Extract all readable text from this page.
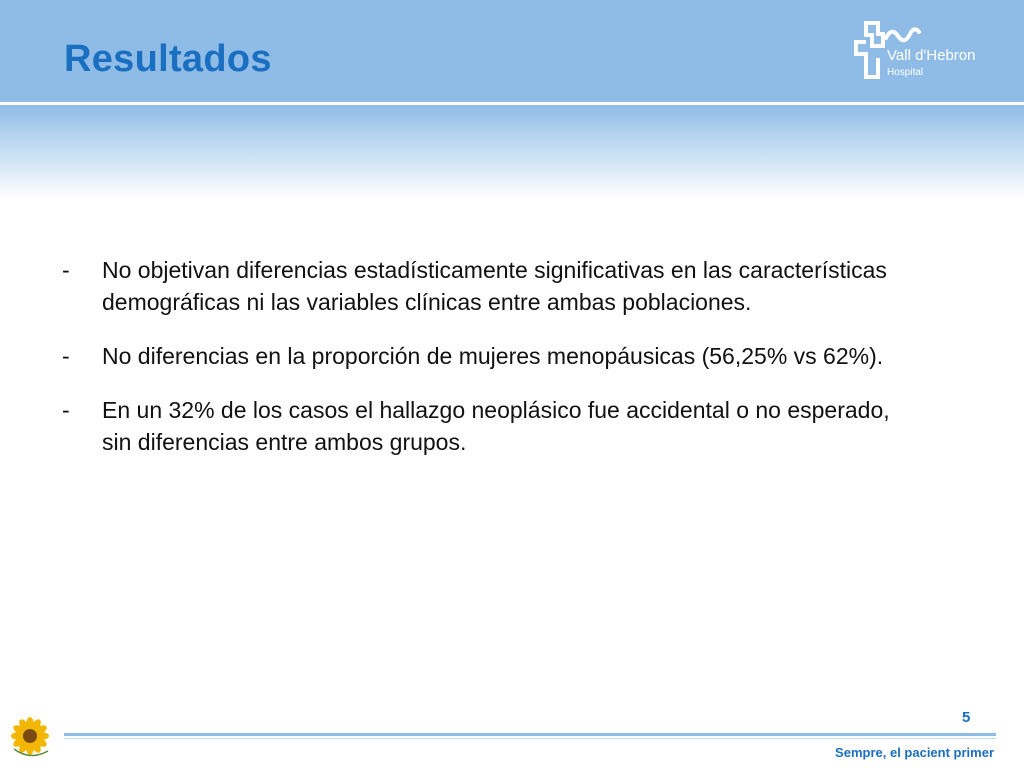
Resultados	Vall d'Hebron
Hospital
- No objetivan diferencias estadísticamente significativas en las características demográficas ni las variables clínicas entre ambas poblaciones.
- No diferencias en la proporción de mujeres menopáusicas (56,25% vs 62%).
- En un 32% de los casos el hallazgo neoplásico fue accidental o no esperado, sin diferencias entre ambos grupos.
5
Sempre, el pacient primer
